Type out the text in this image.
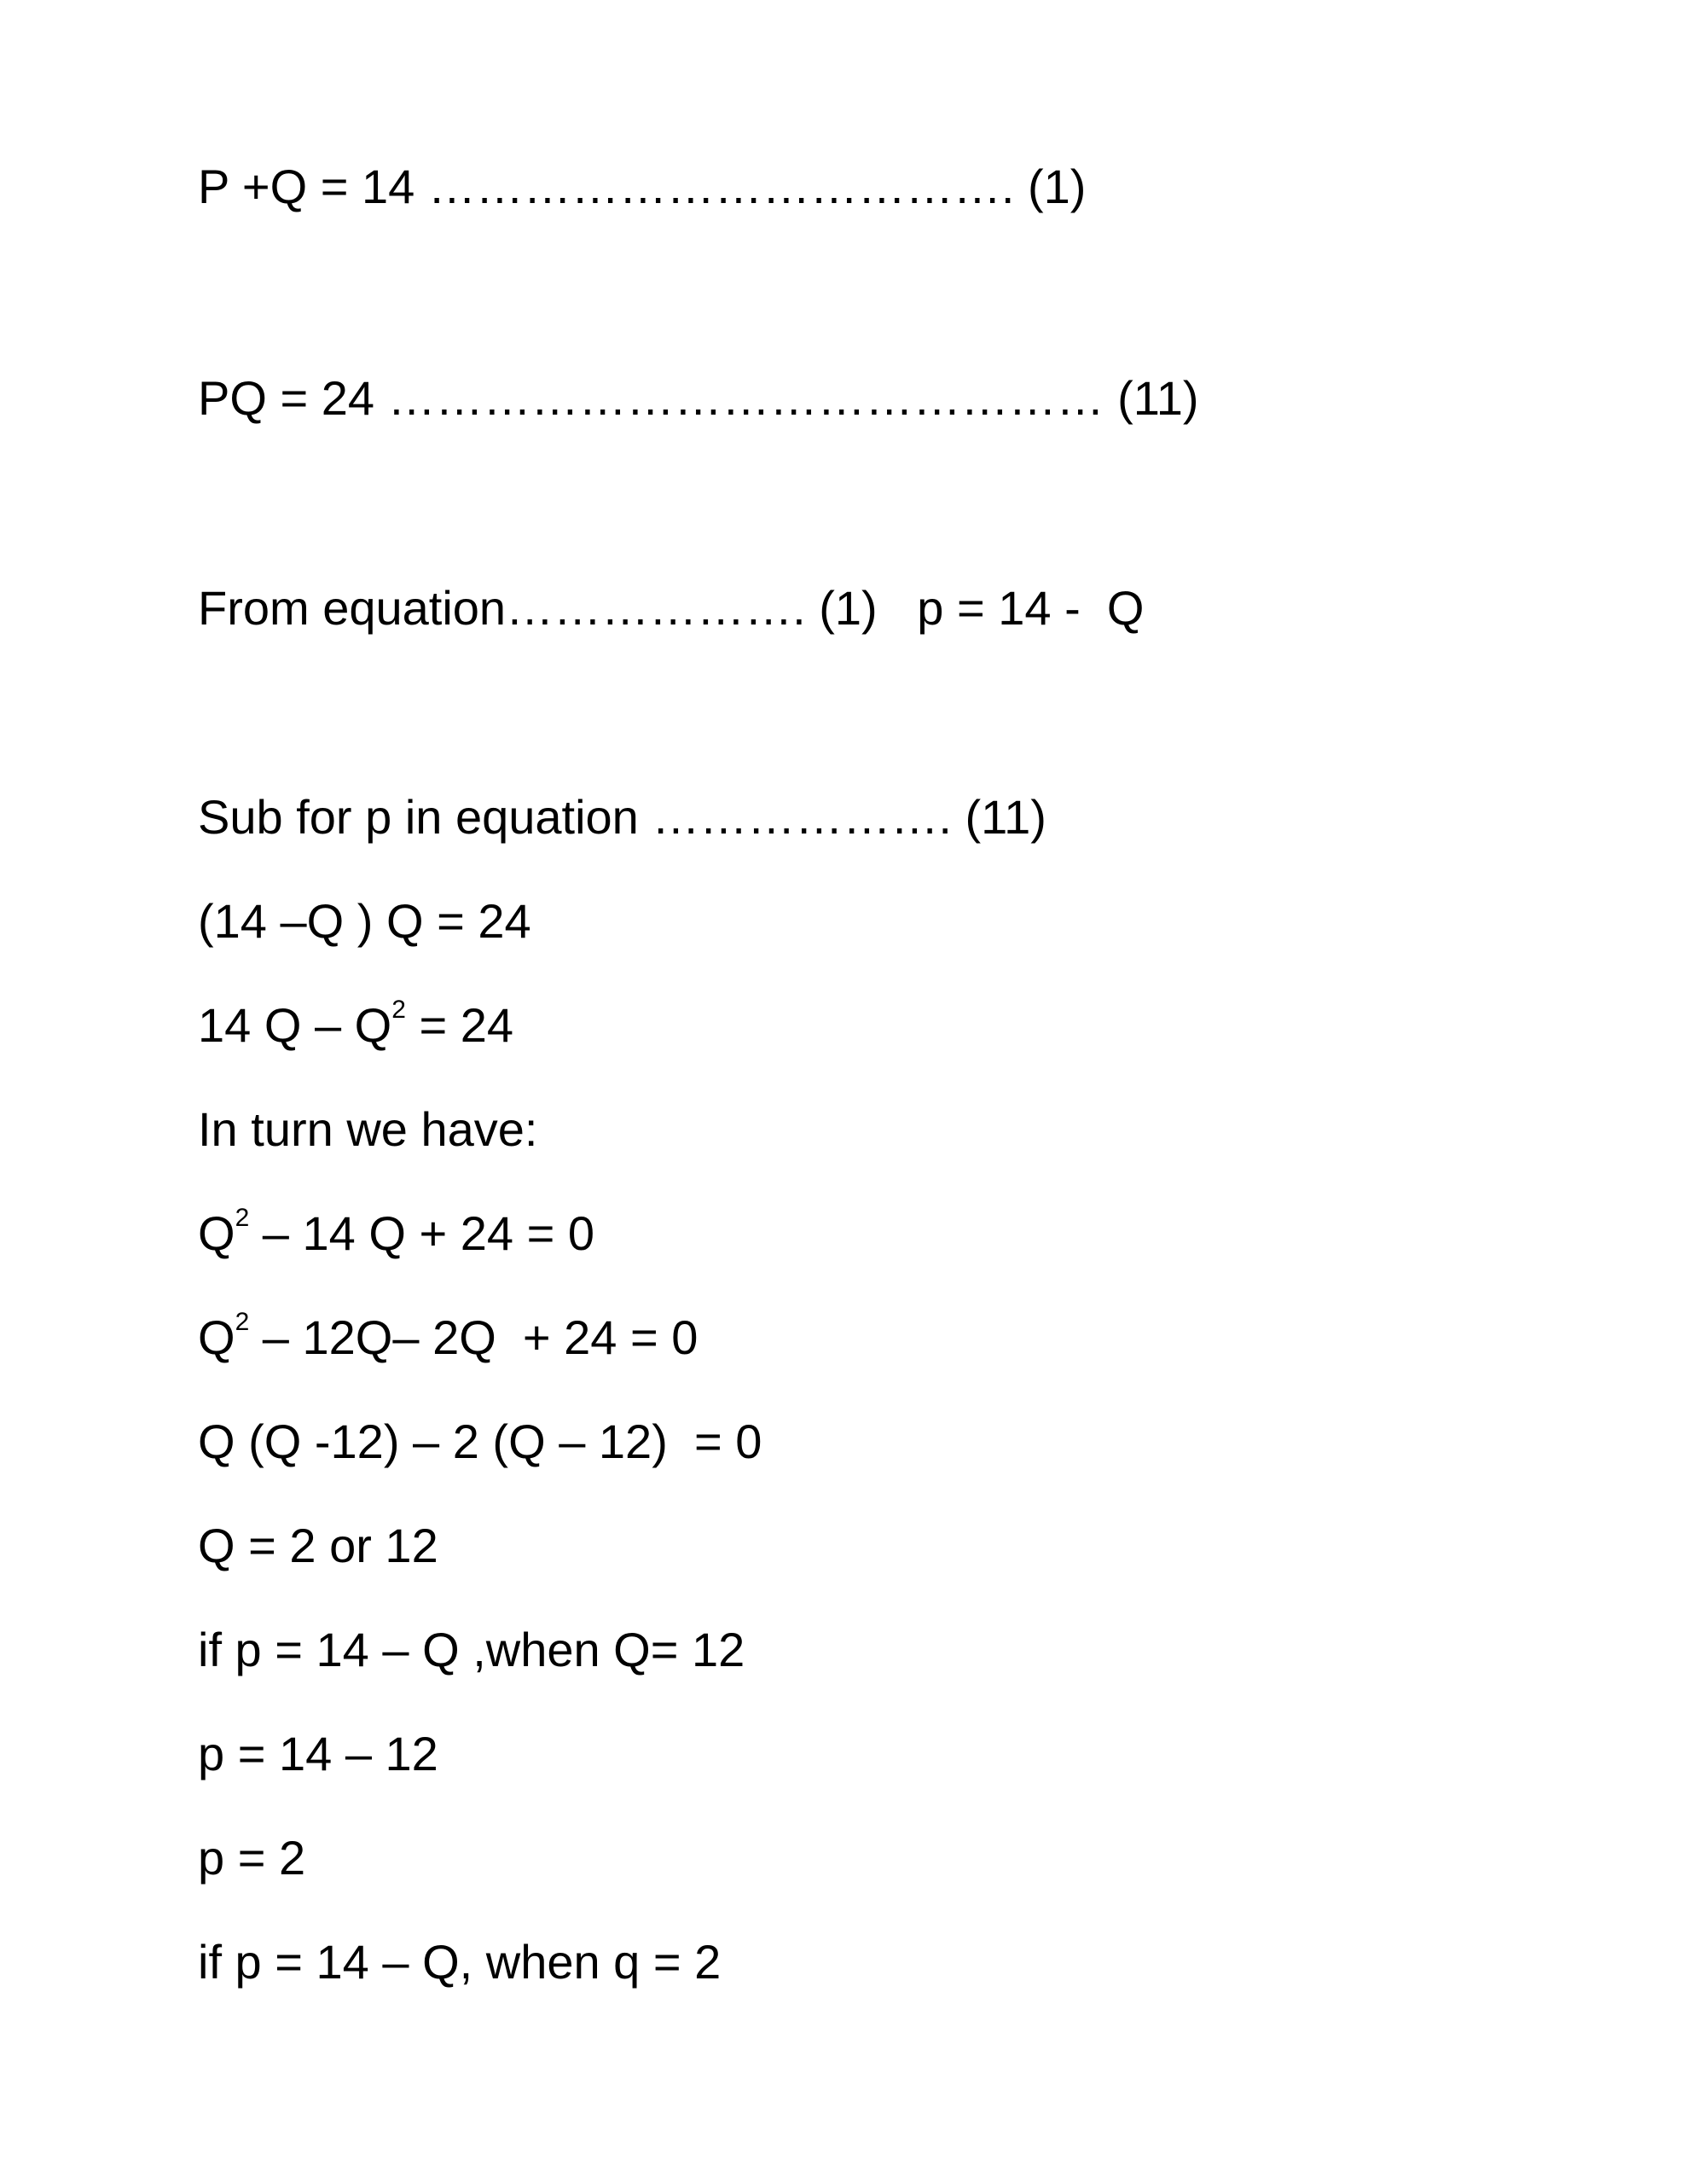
P +Q = 14 ………………………………. (1)

PQ = 24 ……………………………………… (11)

From equation………………. (1)   p = 14 -  Q

Sub for p in equation ………………. (11)

(14 –Q ) Q = 24

14 $Q - Q^2 = 24$

In turn we have:

$Q^2 - 14$ Q + 24 = 0

$Q^2 - 12Q-$ 2Q  + 24 = 0

Q (Q -12) – 2 (Q – 12)  = 0

Q = 2 or 12

if p = 14 – Q ,when Q= 12

p = 14 – 12

p = 2

if p = 14 – Q, when q = 2
